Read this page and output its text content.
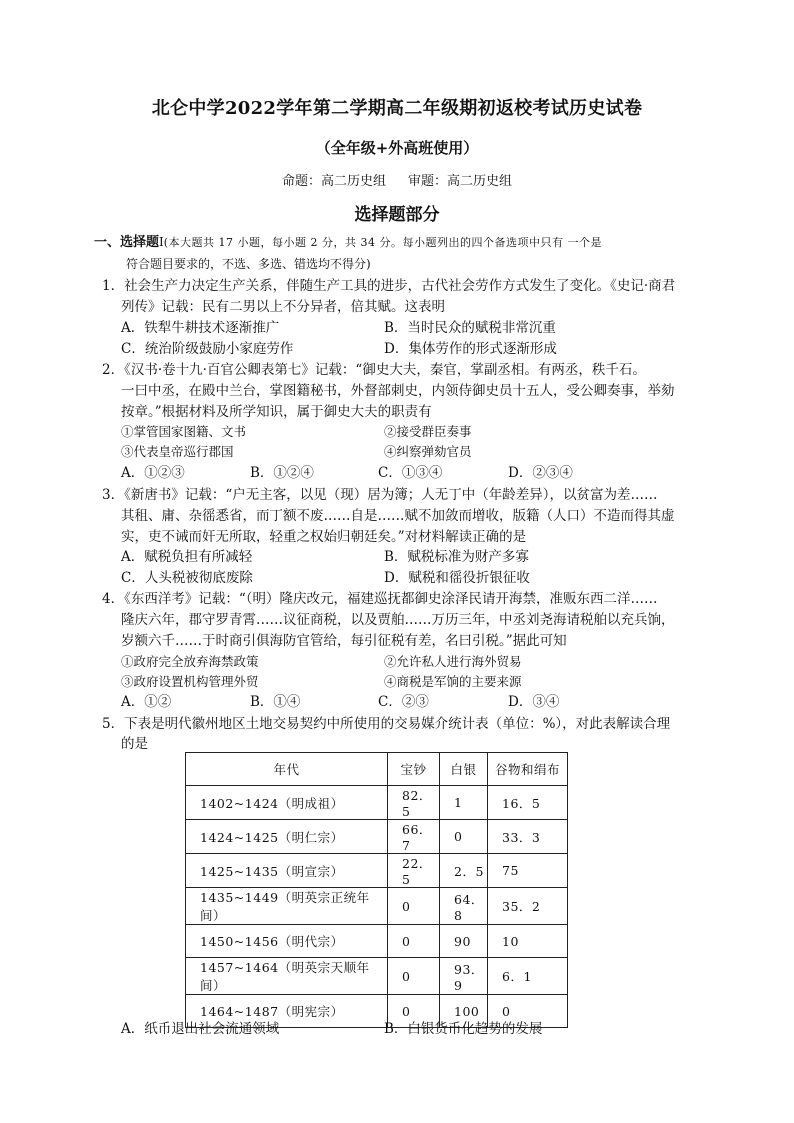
北仑中学2022学年第二学期高二年级期初返校考试历史试卷
（全年级+外高班使用）
命题：高二历史组 审题：高二历史组
选择题部分
一、选择题Ⅰ(本大题共 17 小题，每小题 2 分，共 34 分。每小题列出的四个备选项中只有 一个是
符合题目要求的，不选、多选、错选均不得分)
1．社会生产力决定生产关系，伴随生产工具的进步，古代社会劳作方式发生了变化。《史记·商君
列传》记载：民有二男以上不分异者，倍其赋。这表明
A．铁犁牛耕技术逐渐推广	B．当时民众的赋税非常沉重
C．统治阶级鼓励小家庭劳作	D．集体劳作的形式逐渐形成
2．《汉书·卷十九·百官公卿表第七》记载：“御史大夫，秦官，掌副丞相。有两丞，秩千石。
一曰中丞，在殿中兰台，掌图籍秘书，外督部刺史，内领侍御史员十五人，受公卿奏事，举劾
按章。”根据材料及所学知识，属于御史大夫的职责有
①掌管国家图籍、文书	②接受群臣奏事
③代表皇帝巡行郡国	④纠察弹劾官员
A．①②③	B．①②④	C．①③④	D．②③④
3．《新唐书》记载：“户无主客，以见（现）居为簿；人无丁中（年龄差异），以贫富为差……
其租、庸、杂徭悉省，而丁额不废……自是……赋不加敛而增收，版籍（人口）不造而得其虚
实，吏不诫而奸无所取，轻重之权始归朝廷矣。”对材料解读正确的是
A．赋税负担有所减轻	B．赋税标准为财产多寡
C．人头税被彻底废除	D．赋税和徭役折银征收
4．《东西洋考》记载：“（明）隆庆改元，福建巡抚都御史涂泽民请开海禁，准贩东西二洋……
隆庆六年，郡守罗青霄……议征商税，以及贾舶……万历三年，中丞刘尧海请税舶以充兵饷，
岁额六千……于时商引俱海防官管给，每引征税有差，名曰引税。”据此可知
①政府完全放弃海禁政策	②允许私人进行海外贸易
③政府设置机构管理外贸	④商税是军饷的主要来源
A．①②	B．①④	C．②③	D．③④
5．下表是明代徽州地区土地交易契约中所使用的交易媒介统计表（单位：%），对此表解读合理
的是
年代	宝钞	白银	谷物和绢布
1402~1424（明成祖）	82．5	1	16．5
1424~1425（明仁宗）	66．7	0	33．3
1425~1435（明宣宗）	22．5	2．5	75
1435~1449（明英宗正统年间）	0	64．8	35．2
1450~1456（明代宗）	0	90	10
1457~1464（明英宗天顺年间）	0	93．9	6．1
1464~1487（明宪宗）	0	100	0
A．纸币退出社会流通领域	B．白银货币化趋势的发展
